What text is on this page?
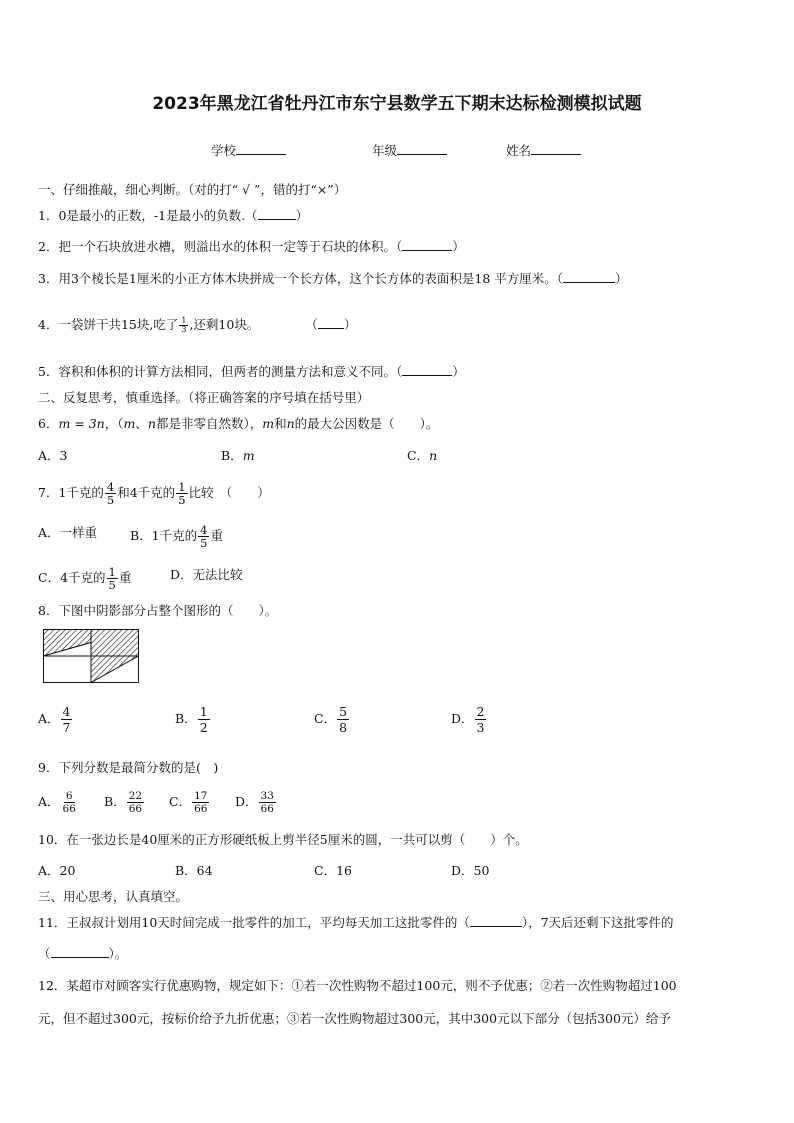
2023年黑龙江省牡丹江市东宁县数学五下期末达标检测模拟试题
学校	年级	姓名
一、仔细推敲，细心判断。（对的打“ √ ”，错的打“×”）
1．0是最小的正数，-1是最小的负数.（	）
2．把一个石块放进水槽，则溢出水的体积一定等于石块的体积。（	）
3．用3个棱长是1厘米的小正方体木块拼成一个长方体，这个长方体的表面积是18 平方厘米。（	）
4．一袋饼干共15块,吃了 $\frac{1}{3}$ ,还剩10块。	（ ）
5．容积和体积的计算方法相同，但两者的测量方法和意义不同。（	）
二、反复思考，慎重选择。（将正确答案的序号填在括号里）
6．m = 3n，（m、n都是非零自然数），m和n的最大公因数是（　　）。
A．3	B．m	C．n
7．1千克的 $\frac{4}{5}$ 和4千克的 $\frac{1}{5}$ 比较　（　　）
A．一样重	B．1千克的 $\frac{4}{5}$ 重
C．4千克的 $\frac{1}{5}$ 重	D．无法比较
8．下图中阴影部分占整个图形的（　　）。
A． $\frac{4}{7}$	B． $\frac{1}{2}$	C． $\frac{5}{8}$	D． $\frac{2}{3}$
9．下列分数是最简分数的是(　)
A． $\frac{6}{66}$ B． $\frac{22}{66}$ C． $\frac{17}{66}$ D． $\frac{33}{66}$
10．在一张边长是40厘米的正方形硬纸板上剪半径5厘米的圆，一共可以剪（　　）个。
A．20	B．64	C．16	D．50
三、用心思考，认真填空。
11．王叔叔计划用10天时间完成一批零件的加工，平均每天加工这批零件的（	），7天后还剩下这批零件的
（	）。
12．某超市对顾客实行优惠购物，规定如下：①若一次性购物不超过100元，则不予优惠；②若一次性购物超过100
元，但不超过300元，按标价给予九折优惠；③若一次性购物超过300元，其中300元以下部分（包括300元）给予
